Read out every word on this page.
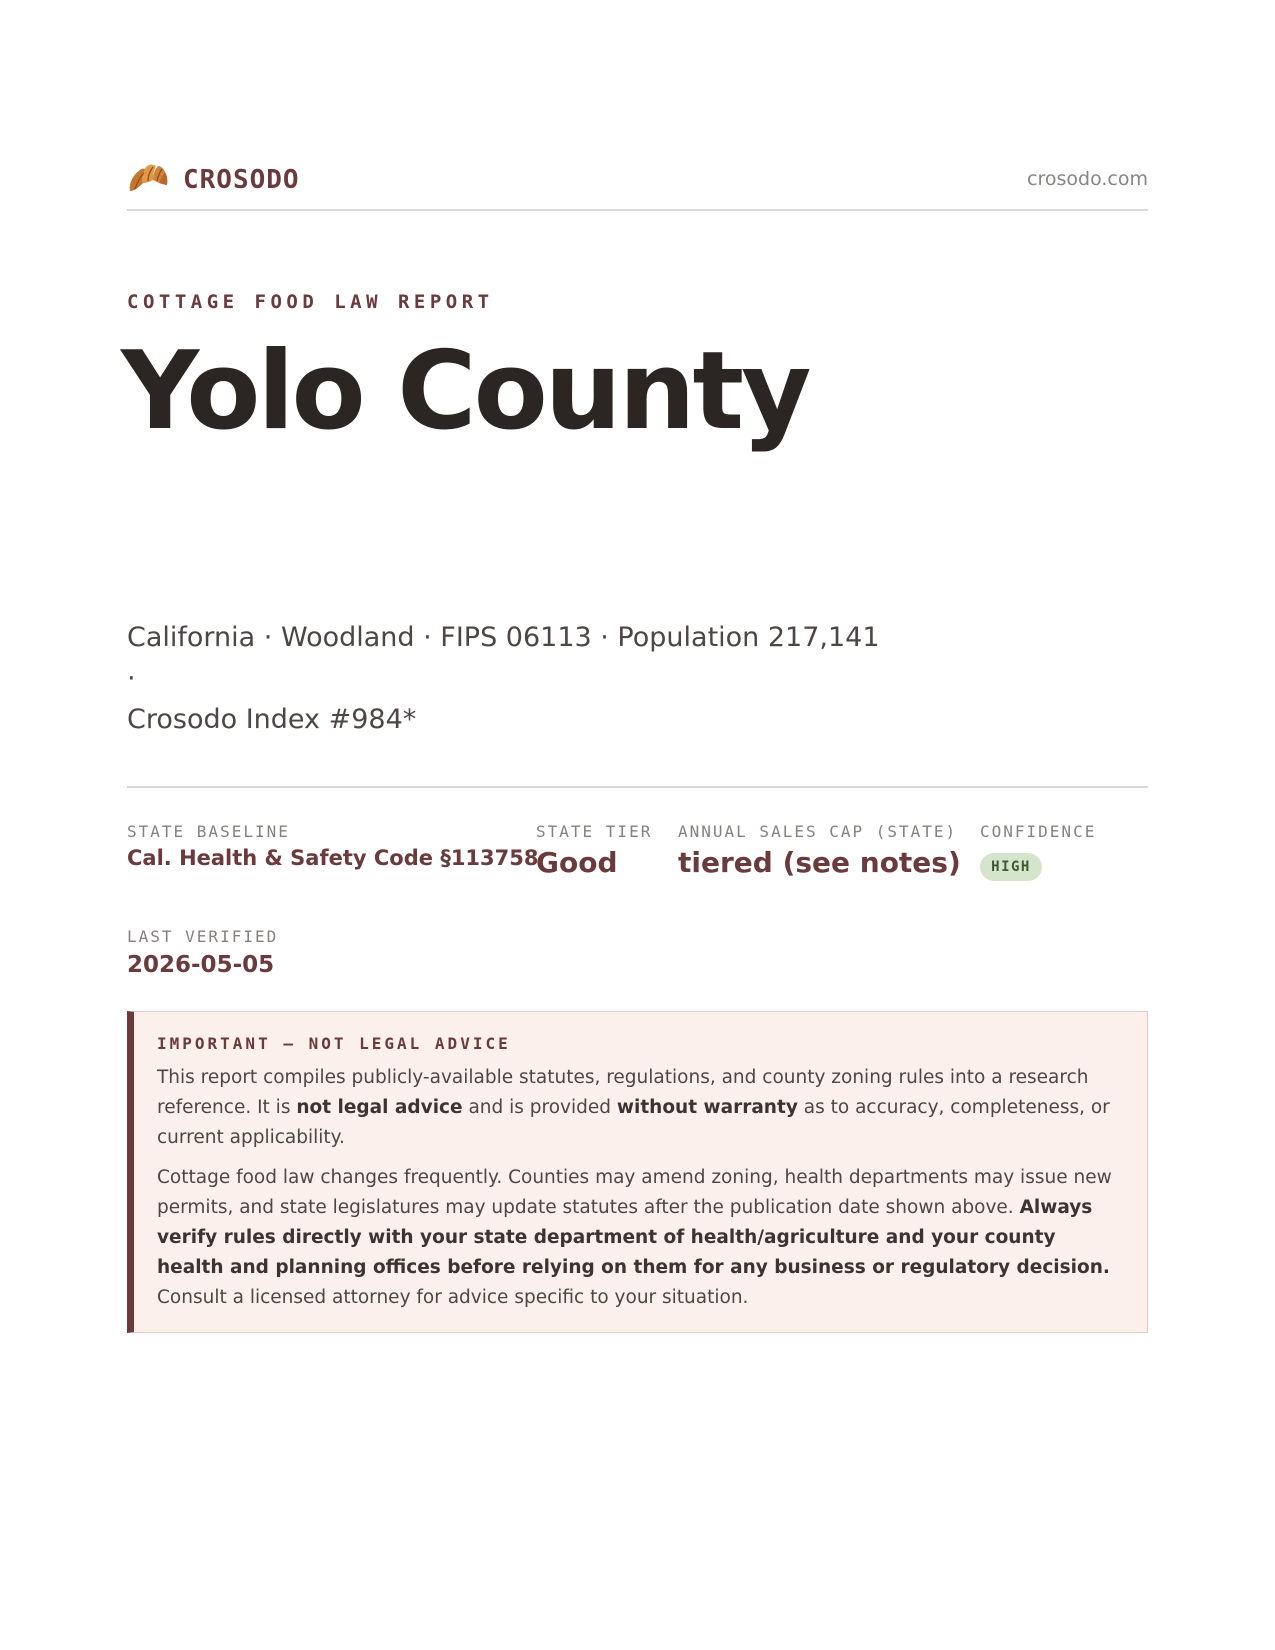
CROSODO	crosodo.com
COTTAGE FOOD LAW REPORT
Yolo County
California · Woodland · FIPS 06113 · Population 217,141 ·
Crosodo Index #984*
STATE BASELINE
Cal. Health & Safety Code §113758
STATE TIER
Good
ANNUAL SALES CAP (STATE)
tiered (see notes)
CONFIDENCE
HIGH
LAST VERIFIED
2026-05-05
IMPORTANT — NOT LEGAL ADVICE

This report compiles publicly-available statutes, regulations, and county zoning rules into a research reference. It is not legal advice and is provided without warranty as to accuracy, completeness, or current applicability.

Cottage food law changes frequently. Counties may amend zoning, health departments may issue new permits, and state legislatures may update statutes after the publication date shown above. Always verify rules directly with your state department of health/agriculture and your county health and planning offices before relying on them for any business or regulatory decision. Consult a licensed attorney for advice specific to your situation.
